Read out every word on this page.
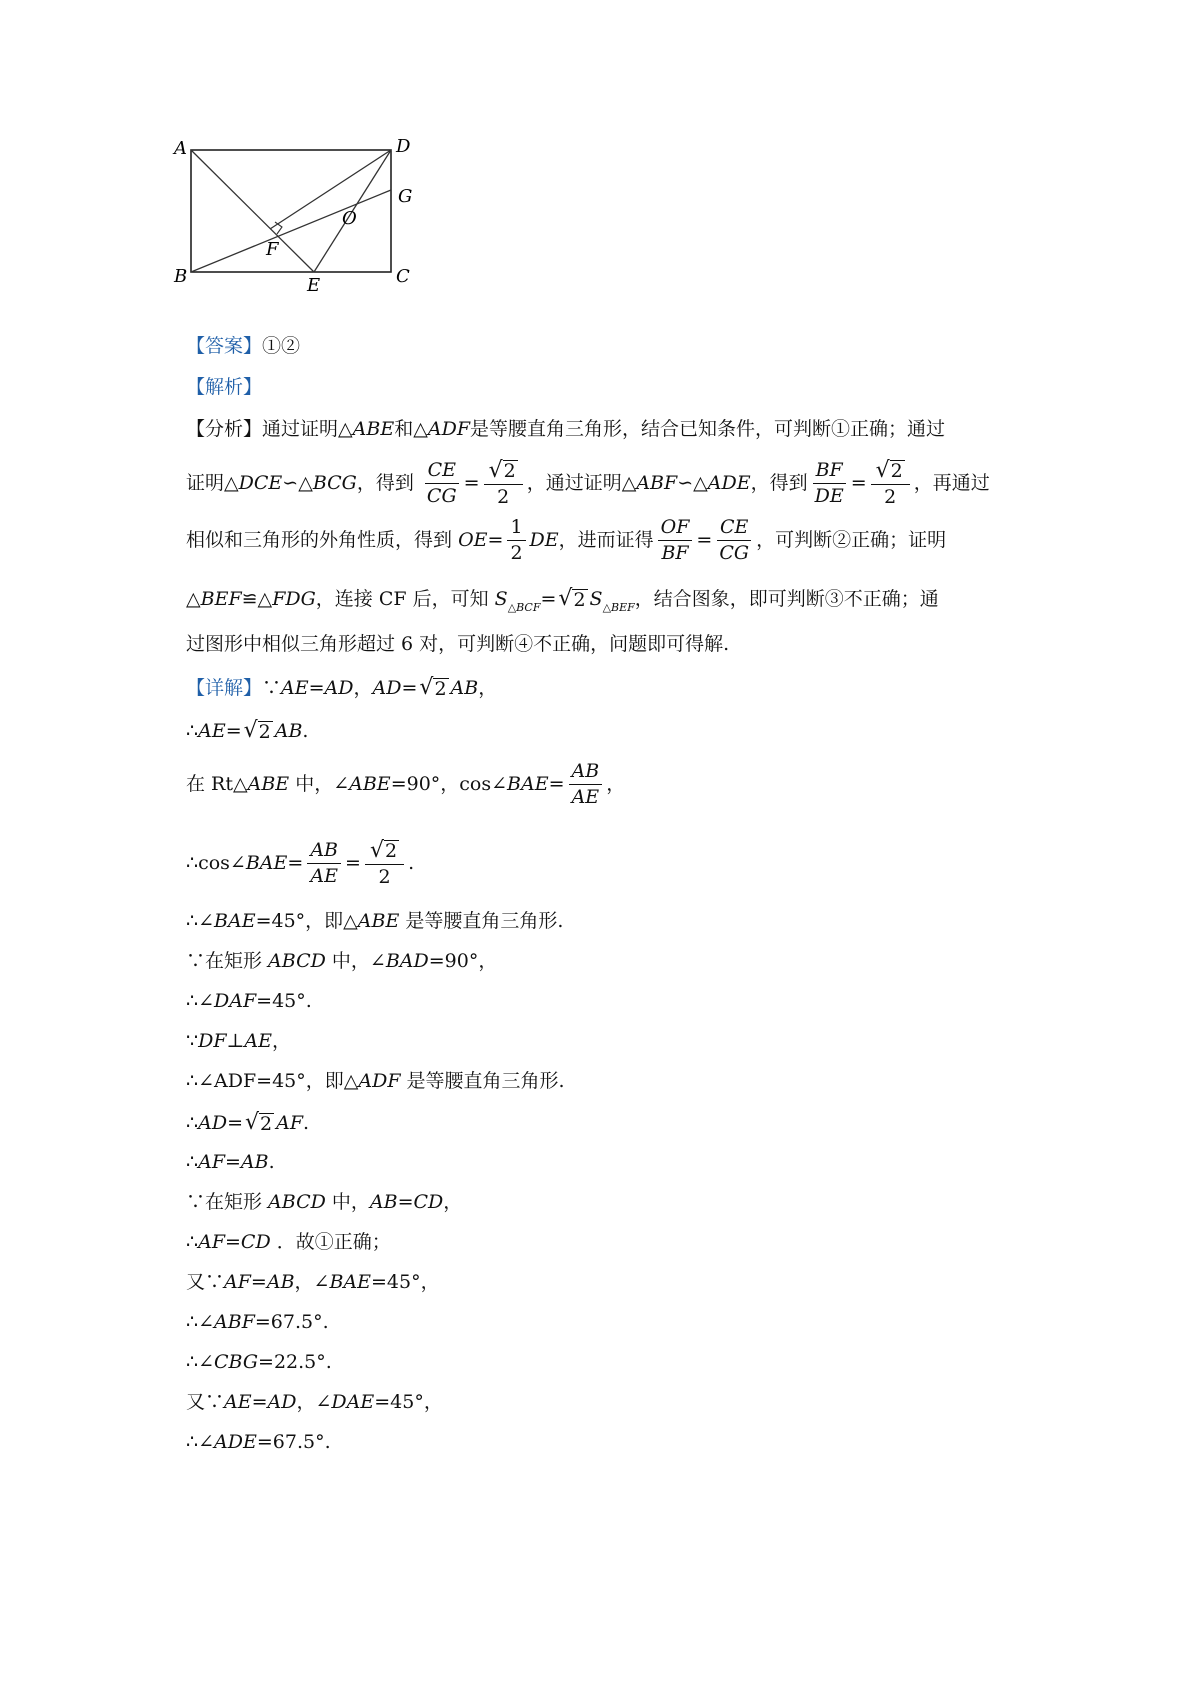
A	D
G
O
F
B	E	C
【答案】①②
【解析】
【分析】通过证明△ABE和△ADF是等腰直角三角形，结合已知条件，可判断①正确；通过
证明△DCE∽△BCG，得到 $\frac{CE}{CG} = \frac{√ 2}{2}$ ，通过证明△ABF∽△ADE，得到 $\frac{BF}{DE} = \frac{√ 2}{2}$ ，再通过
相似和三角形的外角性质，得到 $OE= \frac{1}{2}$ DE，进而证得 $\frac{OF}{BF} = \frac{CE}{CG}$ ，可判断②正确；证明
△BEF≌△FDG，连接 CF 后，可知 $S_{\triangle BCF}=$ √ 2 $S_{\triangle BEF}$，结合图象，即可判断③不正确；通
过图形中相似三角形超过 6 对，可判断④不正确，问题即可得解.
【详解】∵AE=AD，AD= √ 2 AB，
∴AE= √ 2 AB.
在 Rt△ABE 中，∠ABE=90°，cos∠BAE= $\frac{AB}{AE}$ ，
∴cos∠BAE= $\frac{AB}{AE} = \frac{√ 2}{2}$ .
∴∠BAE=45°，即△ABE 是等腰直角三角形.
∵在矩形 ABCD 中，∠BAD=90°，
∴∠DAF=45°.
∵DF⊥AE，
∴∠ADF=45°，即△ADF 是等腰直角三角形.
∴AD= √ 2 AF.
∴AF=AB.
∵在矩形 ABCD 中，AB=CD，
∴AF=CD ．故①正确；
又∵AF=AB，∠BAE=45°，
∴∠ABF=67.5°.
∴∠CBG=22.5°.
又∵AE=AD，∠DAE=45°，
∴∠ADE=67.5°.
